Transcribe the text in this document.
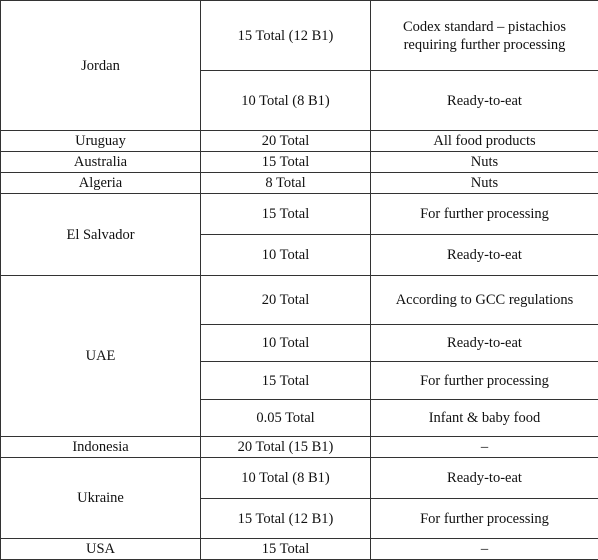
Jordan	15 Total (12 B1)	Codex standard – pistachios requiring further processing
	10 Total (8 B1)	Ready-to-eat
Uruguay	20 Total	All food products
Australia	15 Total	Nuts
Algeria	8 Total	Nuts
El Salvador	15 Total	For further processing
	10 Total	Ready-to-eat
UAE	20 Total	According to GCC regulations
	10 Total	Ready-to-eat
	15 Total	For further processing
	0.05 Total	Infant & baby food
Indonesia	20 Total (15 B1)	–
Ukraine	10 Total (8 B1)	Ready-to-eat
	15 Total (12 B1)	For further processing
USA	15 Total	–
